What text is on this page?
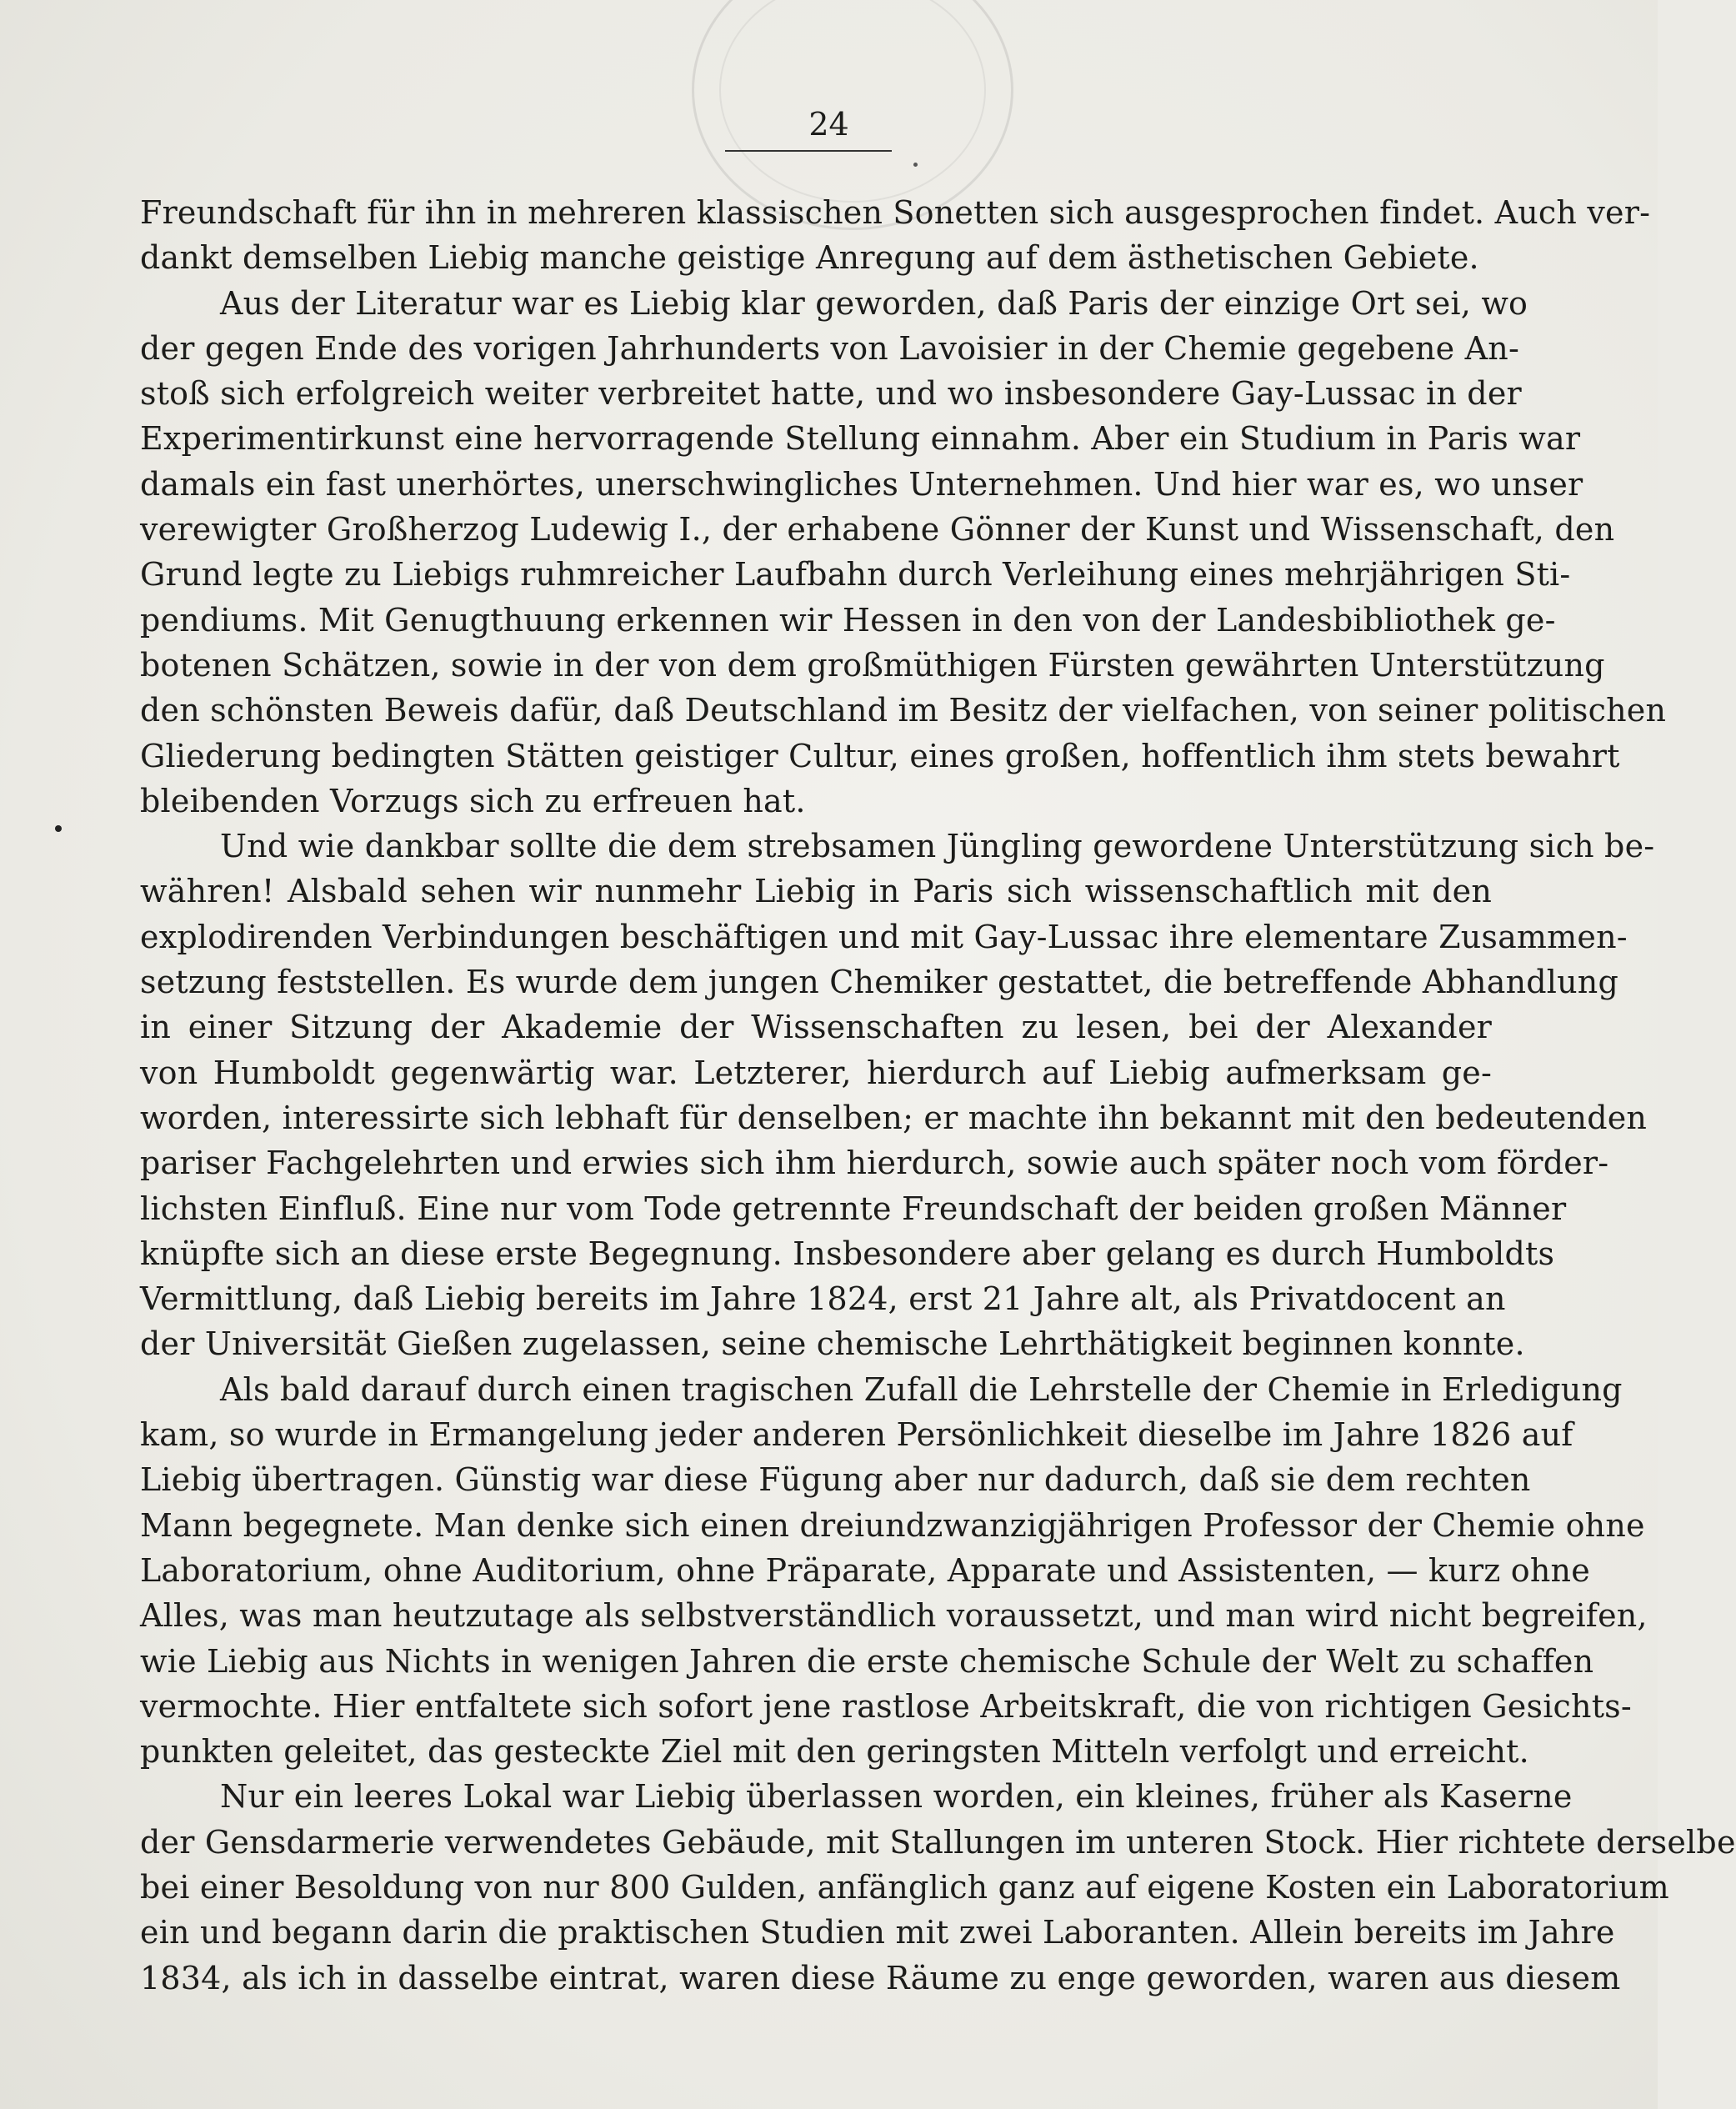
24
Freundschaft für ihn in mehreren klassischen Sonetten sich ausgesprochen findet. Auch ver-
dankt demselben Liebig manche geistige Anregung auf dem ästhetischen Gebiete.
Aus der Literatur war es Liebig klar geworden, daß Paris der einzige Ort sei, wo
der gegen Ende des vorigen Jahrhunderts von Lavoisier in der Chemie gegebene An-
stoß sich erfolgreich weiter verbreitet hatte, und wo insbesondere Gay-Lussac in der
Experimentirkunst eine hervorragende Stellung einnahm. Aber ein Studium in Paris war
damals ein fast unerhörtes, unerschwingliches Unternehmen. Und hier war es, wo unser
verewigter Großherzog Ludewig I., der erhabene Gönner der Kunst und Wissenschaft, den
Grund legte zu Liebigs ruhmreicher Laufbahn durch Verleihung eines mehrjährigen Sti-
pendiums. Mit Genugthuung erkennen wir Hessen in den von der Landesbibliothek ge-
botenen Schätzen, sowie in der von dem großmüthigen Fürsten gewährten Unterstützung
den schönsten Beweis dafür, daß Deutschland im Besitz der vielfachen, von seiner politischen
Gliederung bedingten Stätten geistiger Cultur, eines großen, hoffentlich ihm stets bewahrt
bleibenden Vorzugs sich zu erfreuen hat.
Und wie dankbar sollte die dem strebsamen Jüngling gewordene Unterstützung sich be-
währen! Alsbald sehen wir nunmehr Liebig in Paris sich wissenschaftlich mit den
explodirenden Verbindungen beschäftigen und mit Gay-Lussac ihre elementare Zusammen-
setzung feststellen. Es wurde dem jungen Chemiker gestattet, die betreffende Abhandlung
in einer Sitzung der Akademie der Wissenschaften zu lesen, bei der Alexander
von Humboldt gegenwärtig war. Letzterer, hierdurch auf Liebig aufmerksam ge-
worden, interessirte sich lebhaft für denselben; er machte ihn bekannt mit den bedeutenden
pariser Fachgelehrten und erwies sich ihm hierdurch, sowie auch später noch vom förder-
lichsten Einfluß. Eine nur vom Tode getrennte Freundschaft der beiden großen Männer
knüpfte sich an diese erste Begegnung. Insbesondere aber gelang es durch Humboldts
Vermittlung, daß Liebig bereits im Jahre 1824, erst 21 Jahre alt, als Privatdocent an
der Universität Gießen zugelassen, seine chemische Lehrthätigkeit beginnen konnte.
Als bald darauf durch einen tragischen Zufall die Lehrstelle der Chemie in Erledigung
kam, so wurde in Ermangelung jeder anderen Persönlichkeit dieselbe im Jahre 1826 auf
Liebig übertragen. Günstig war diese Fügung aber nur dadurch, daß sie dem rechten
Mann begegnete. Man denke sich einen dreiundzwanzigjährigen Professor der Chemie ohne
Laboratorium, ohne Auditorium, ohne Präparate, Apparate und Assistenten, — kurz ohne
Alles, was man heutzutage als selbstverständlich voraussetzt, und man wird nicht begreifen,
wie Liebig aus Nichts in wenigen Jahren die erste chemische Schule der Welt zu schaffen
vermochte. Hier entfaltete sich sofort jene rastlose Arbeitskraft, die von richtigen Gesichts-
punkten geleitet, das gesteckte Ziel mit den geringsten Mitteln verfolgt und erreicht.
Nur ein leeres Lokal war Liebig überlassen worden, ein kleines, früher als Kaserne
der Gensdarmerie verwendetes Gebäude, mit Stallungen im unteren Stock. Hier richtete derselbe
bei einer Besoldung von nur 800 Gulden, anfänglich ganz auf eigene Kosten ein Laboratorium
ein und begann darin die praktischen Studien mit zwei Laboranten. Allein bereits im Jahre
1834, als ich in dasselbe eintrat, waren diese Räume zu enge geworden, waren aus diesem
